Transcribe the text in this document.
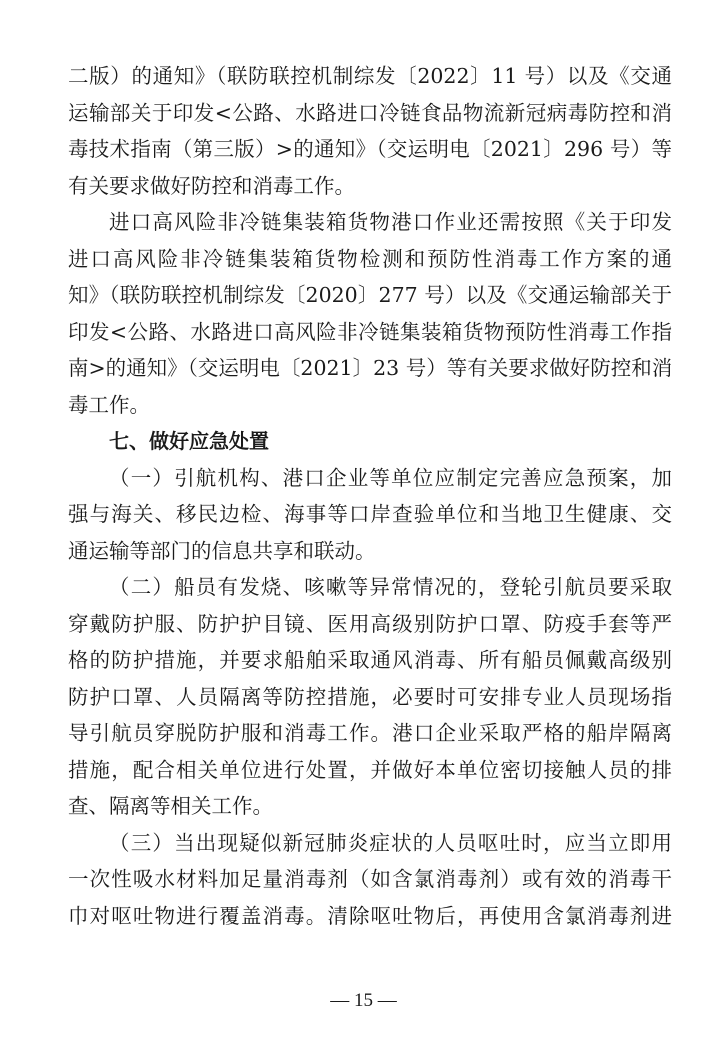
二版）的通知》（联防联控机制综发〔2022〕11 号）以及《交通
运输部关于印发<公路、水路进口冷链食品物流新冠病毒防控和消
毒技术指南（第三版）>的通知》（交运明电〔2021〕296 号）等
有关要求做好防控和消毒工作。
进口高风险非冷链集装箱货物港口作业还需按照《关于印发
进口高风险非冷链集装箱货物检测和预防性消毒工作方案的通
知》（联防联控机制综发〔2020〕277 号）以及《交通运输部关于
印发<公路、水路进口高风险非冷链集装箱货物预防性消毒工作指
南>的通知》（交运明电〔2021〕23 号）等有关要求做好防控和消
毒工作。
七、做好应急处置
（一）引航机构、港口企业等单位应制定完善应急预案，加
强与海关、移民边检、海事等口岸查验单位和当地卫生健康、交
通运输等部门的信息共享和联动。
（二）船员有发烧、咳嗽等异常情况的，登轮引航员要采取
穿戴防护服、防护护目镜、医用高级别防护口罩、防疫手套等严
格的防护措施，并要求船舶采取通风消毒、所有船员佩戴高级别
防护口罩、人员隔离等防控措施，必要时可安排专业人员现场指
导引航员穿脱防护服和消毒工作。港口企业采取严格的船岸隔离
措施，配合相关单位进行处置，并做好本单位密切接触人员的排
查、隔离等相关工作。
（三）当出现疑似新冠肺炎症状的人员呕吐时，应当立即用
一次性吸水材料加足量消毒剂（如含氯消毒剂）或有效的消毒干
巾对呕吐物进行覆盖消毒。清除呕吐物后，再使用含氯消毒剂进
— 15 —
